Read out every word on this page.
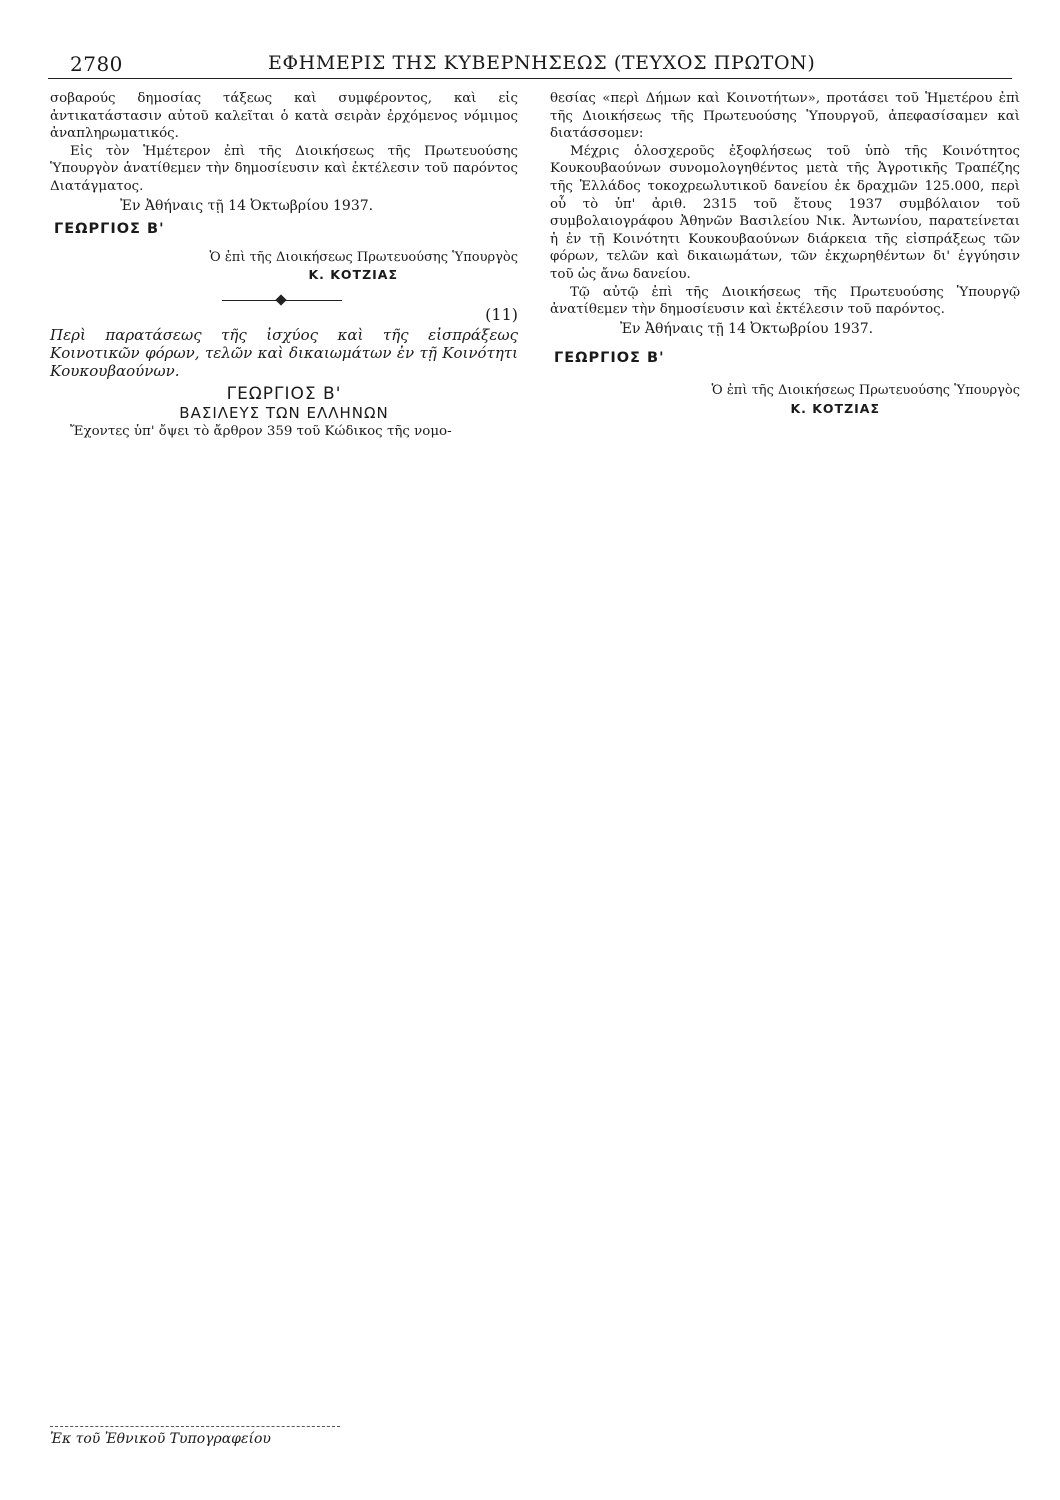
2780	ΕΦΗΜΕΡΙΣ ΤΗΣ ΚΥΒΕΡΝΗΣΕΩΣ (ΤΕΥΧΟΣ ΠΡΩΤΟΝ)

σοβαρούς δημοσίας τάξεως καὶ συμφέροντος, καὶ εἰς ἀντικατάστασιν αὐτοῦ καλεῖται ὁ κατὰ σειρὰν ἐρχόμενος νόμιμος ἀναπληρωματικός.

Εἰς τὸν Ἡμέτερον ἐπὶ τῆς Διοικήσεως τῆς Πρωτευούσης Ὑπουργὸν ἀνατίθεμεν τὴν δημοσίευσιν καὶ ἐκτέλεσιν τοῦ παρόντος Διατάγματος.

Ἐν Ἀθήναις τῇ 14 Ὀκτωβρίου 1937.

ΓΕΩΡΓΙΟΣ Β'
Ὁ ἐπὶ τῆς Διοικήσεως Πρωτευούσης Ὑπουργὸς
Κ. ΚΟΤΖΙΑΣ
(11)
Περὶ παρατάσεως τῆς ἰσχύος καὶ τῆς εἰσπράξεως Κοινοτικῶν φόρων, τελῶν καὶ δικαιωμάτων ἐν τῇ Κοινότητι Κουκουβαούνων.
ΓΕΩΡΓΙΟΣ Β'
ΒΑΣΙΛΕΥΣ ΤΩΝ ΕΛΛΗΝΩΝ

Ἔχοντες ὑπ' ὄψει τὸ ἄρθρον 359 τοῦ Κώδικος τῆς νομο-

θεσίας «περὶ Δήμων καὶ Κοινοτήτων», προτάσει τοῦ Ἡμετέρου ἐπὶ τῆς Διοικήσεως τῆς Πρωτευούσης Ὑπουργοῦ, ἀπεφασίσαμεν καὶ διατάσσομεν:

Μέχρις ὁλοσχεροῦς ἐξοφλήσεως τοῦ ὑπὸ τῆς Κοινότητος Κουκουβαούνων συνομολογηθέντος μετὰ τῆς Ἀγροτικῆς Τραπέζης τῆς Ἑλλάδος τοκοχρεωλυτικοῦ δανείου ἐκ δραχμῶν 125.000, περὶ οὗ τὸ ὑπ' ἀριθ. 2315 τοῦ ἔτους 1937 συμβόλαιον τοῦ συμβολαιογράφου Ἀθηνῶν Βασιλείου Νικ. Ἀντωνίου, παρατείνεται ἡ ἐν τῇ Κοινότητι Κουκουβαούνων διάρκεια τῆς εἰσπράξεως τῶν φόρων, τελῶν καὶ δικαιωμάτων, τῶν ἐκχωρηθέντων δι' ἐγγύησιν τοῦ ὡς ἄνω δανείου.

Τῷ αὐτῷ ἐπὶ τῆς Διοικήσεως τῆς Πρωτευούσης Ὑπουργῷ ἀνατίθεμεν τὴν δημοσίευσιν καὶ ἐκτέλεσιν τοῦ παρόντος.

Ἐν Ἀθήναις τῇ 14 Ὀκτωβρίου 1937.

ΓΕΩΡΓΙΟΣ Β'
Ὁ ἐπὶ τῆς Διοικήσεως Πρωτευούσης Ὑπουργὸς
Κ. ΚΟΤΖΙΑΣ
Ἐκ τοῦ Ἐθνικοῦ Τυπογραφείου
